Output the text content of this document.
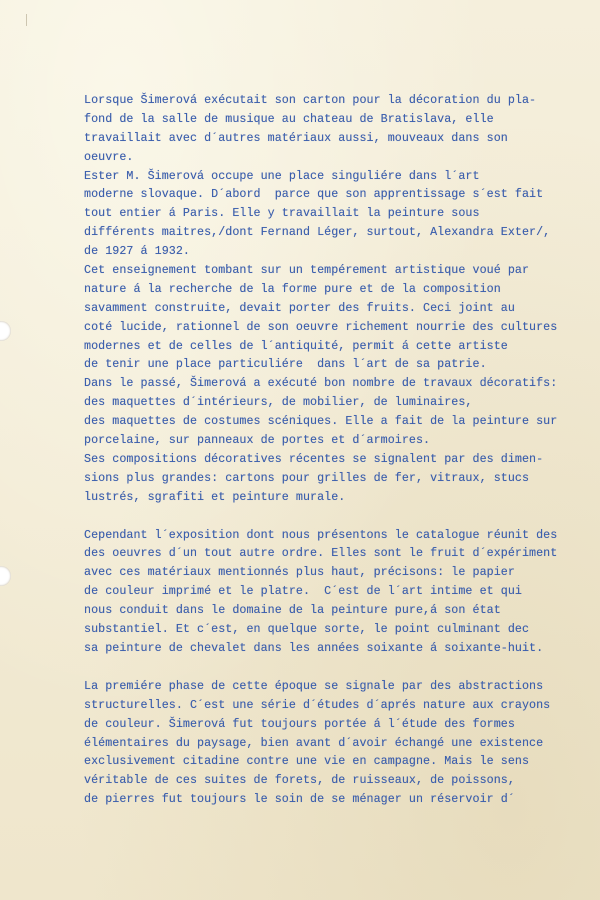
Lorsque Šimerová exécutait son carton pour la décoration du pla-
fond de la salle de musique au chateau de Bratislava, elle
travaillait avec d´autres matériaux aussi, mouveaux dans son
oeuvre.
Ester M. Šimerová occupe une place singuliére dans l´art
moderne slovaque. D´abord  parce que son apprentissage s´est fait
tout entier á Paris. Elle y travaillait la peinture sous
différents maitres,/dont Fernand Léger, surtout, Alexandra Exter/,
de 1927 á 1932.
Cet enseignement tombant sur un tempérement artistique voué par
nature á la recherche de la forme pure et de la composition
savamment construite, devait porter des fruits. Ceci joint au
coté lucide, rationnel de son oeuvre richement nourrie des cultures
modernes et de celles de l´antiquité, permit á cette artiste
de tenir une place particuliére  dans l´art de sa patrie.
Dans le passé, Šimerová a exécuté bon nombre de travaux décoratifs:
des maquettes d´intérieurs, de mobilier, de luminaires,
des maquettes de costumes scéniques. Elle a fait de la peinture sur
porcelaine, sur panneaux de portes et d´armoires.
Ses compositions décoratives récentes se signalent par des dimen-
sions plus grandes: cartons pour grilles de fer, vitraux, stucs
lustrés, sgrafiti et peinture murale.
Cependant l´exposition dont nous présentons le catalogue réunit des
des oeuvres d´un tout autre ordre. Elles sont le fruit d´expériment
avec ces matériaux mentionnés plus haut, précisons: le papier
de couleur imprimé et le platre.  C´est de l´art intime et qui
nous conduit dans le domaine de la peinture pure,á son état
substantiel. Et c´est, en quelque sorte, le point culminant dec
sa peinture de chevalet dans les années soixante á soixante-huit.
La premiére phase de cette époque se signale par des abstractions
structurelles. C´est une série d´études d´aprés nature aux crayons
de couleur. Šimerová fut toujours portée á l´étude des formes
élémentaires du paysage, bien avant d´avoir échangé une existence
exclusivement citadine contre une vie en campagne. Mais le sens
véritable de ces suites de forets, de ruisseaux, de poissons,
de pierres fut toujours le soin de se ménager un réservoir d´
